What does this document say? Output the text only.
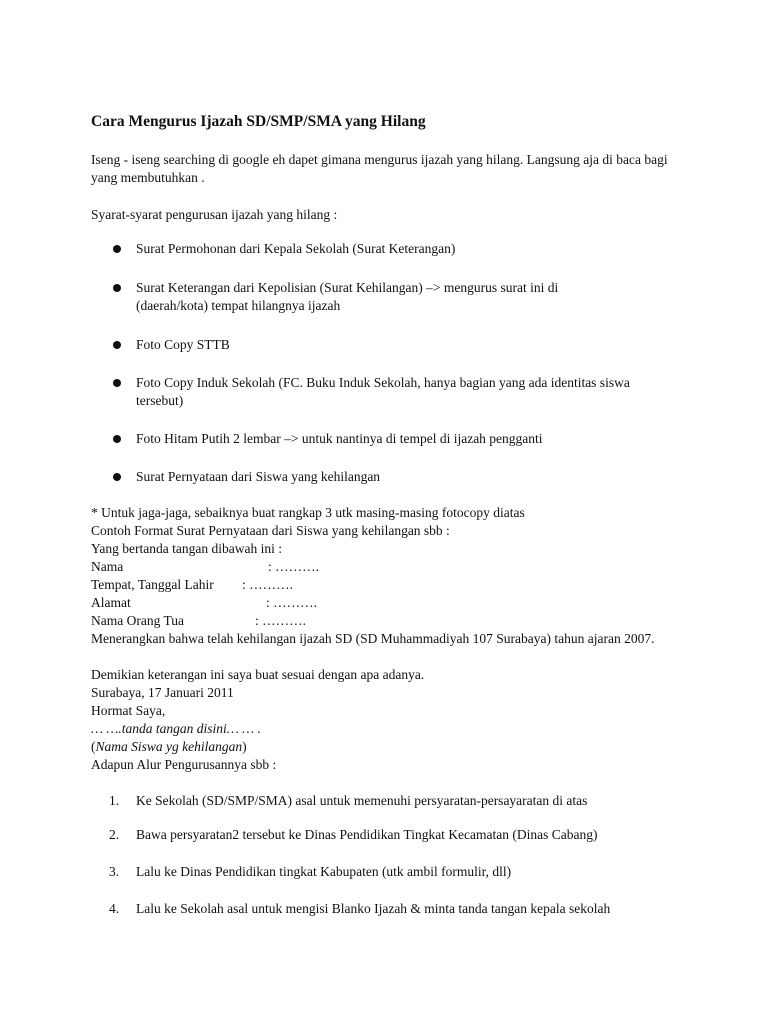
Cara Mengurus Ijazah SD/SMP/SMA yang Hilang
Iseng - iseng searching di google eh dapet gimana mengurus ijazah yang hilang. Langsung aja di baca bagi yang membutuhkan .
Syarat-syarat pengurusan ijazah yang hilang :
Surat Permohonan dari Kepala Sekolah (Surat Keterangan)
Surat Keterangan dari Kepolisian (Surat Kehilangan) –> mengurus surat ini di (daerah/kota) tempat hilangnya ijazah
Foto Copy STTB
Foto Copy Induk Sekolah (FC. Buku Induk Sekolah, hanya bagian yang ada identitas siswa tersebut)
Foto Hitam Putih 2 lembar –> untuk nantinya di tempel di ijazah pengganti
Surat Pernyataan dari Siswa yang kehilangan
* Untuk jaga-jaga, sebaiknya buat rangkap 3 utk masing-masing fotocopy diatas
Contoh Format Surat Pernyataan dari Siswa yang kehilangan sbb :
Yang bertanda tangan dibawah ini :
Nama	: ……….
Tempat, Tanggal Lahir : ……….
Alamat	: ……….
Nama Orang Tua	: ……….
Menerangkan bahwa telah kehilangan ijazah SD (SD Muhammadiyah 107 Surabaya) tahun ajaran 2007.
Demikian keterangan ini saya buat sesuai dengan apa adanya.
Surabaya, 17 Januari 2011
Hormat Saya,
… ….tanda tangan disini… … .
(Nama Siswa yg kehilangan)
Adapun Alur Pengurusannya sbb :
1.	Ke Sekolah (SD/SMP/SMA) asal untuk memenuhi persyaratan-persayaratan di atas
2.	Bawa persyaratan2 tersebut ke Dinas Pendidikan Tingkat Kecamatan (Dinas Cabang)
3.	Lalu ke Dinas Pendidikan tingkat Kabupaten (utk ambil formulir, dll)
4.	Lalu ke Sekolah asal untuk mengisi Blanko Ijazah & minta tanda tangan kepala sekolah
